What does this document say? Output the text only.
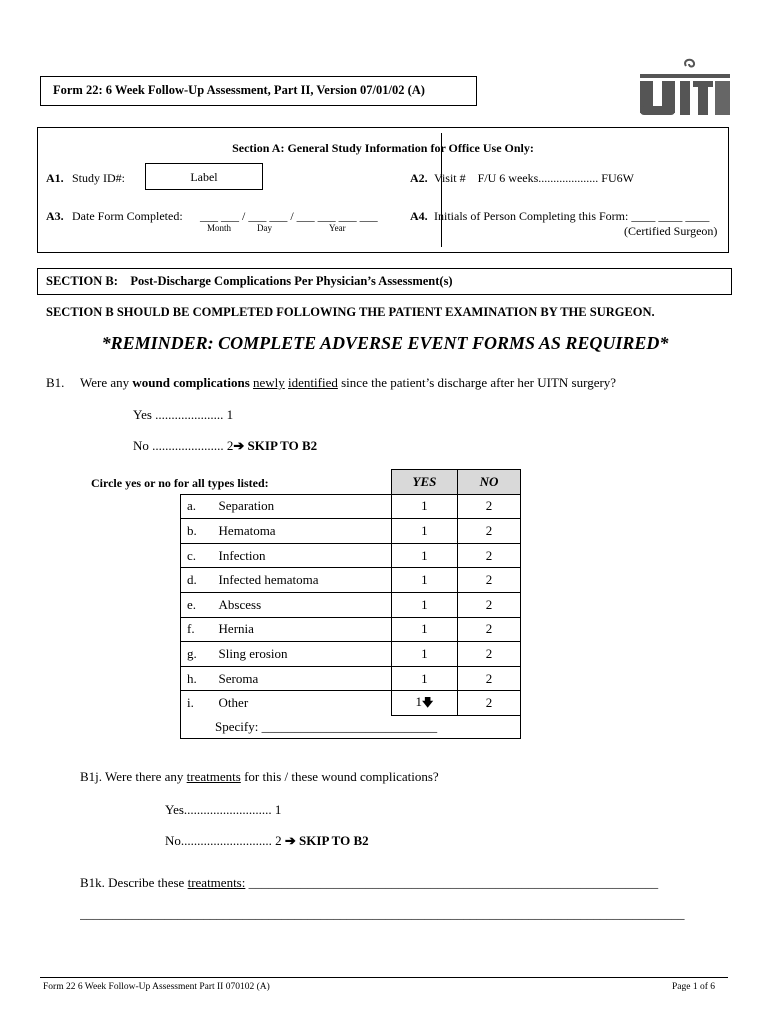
Form 22: 6 Week Follow-Up Assessment, Part II, Version 07/01/02 (A)
Section A: General Study Information for Office Use Only:
A1. Study ID#:	Label	A2. Visit #    F/U 6 weeks.................... FU6W
A3. Date Form Completed: ___ ___ / ___ ___ / ___ ___ ___ ___
Month	Day	Year
A4. Initials of Person Completing this Form: ____ ____ ____
(Certified Surgeon)
SECTION B:    Post-Discharge Complications Per Physician’s Assessment(s)
SECTION B SHOULD BE COMPLETED FOLLOWING THE PATIENT EXAMINATION BY THE SURGEON.
*REMINDER: COMPLETE ADVERSE EVENT FORMS AS REQUIRED*
B1. Were any wound complications newly identified since the patient’s discharge after her UITN surgery?
Yes ..................... 1
No ...................... 2➔ SKIP TO B2
Circle yes or no for all types listed:
		YES	NO
a.	Separation	1	2
b.	Hematoma	1	2
c.	Infection	1	2
d.	Infected hematoma	1	2
e.	Abscess	1	2
f.	Hernia	1	2
g.	Sling erosion	1	2
h.	Seroma	1	2
i.	Other	1🡇	2
Specify: ___________________________			
B1j. Were there any treatments for this / these wound complications?
Yes........................... 1
No............................ 2 ➔ SKIP TO B2
B1k. Describe these treatments: _______________________________________________________________
_____________________________________________________________________________________________
Form 22 6 Week Follow-Up Assessment Part II 070102 (A)	Page 1 of 6
